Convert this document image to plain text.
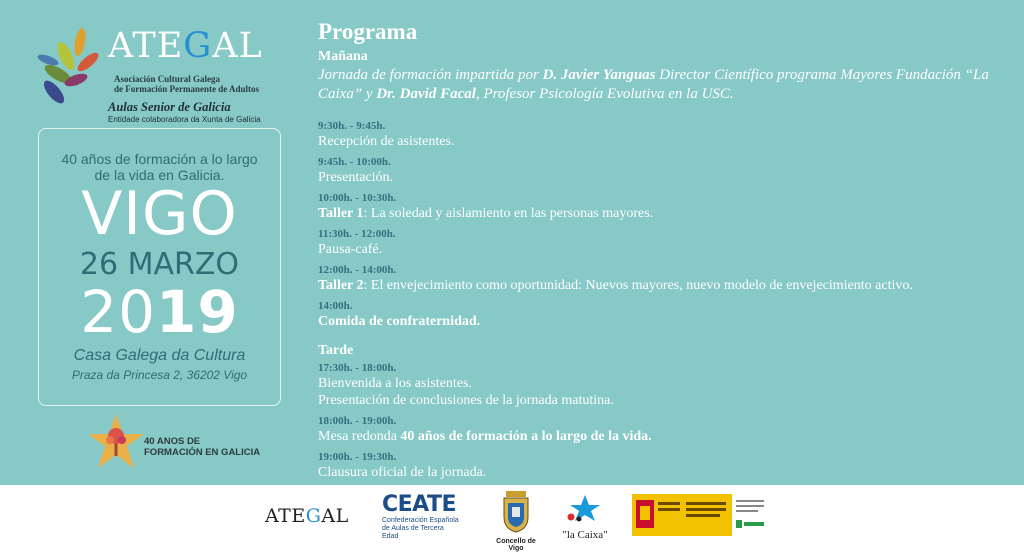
ATEGAL
Asociación Cultural Galega
de Formación Permanente de Adultos
Aulas Senior de Galicia
Entidade colaboradora da Xunta de Galicia
40 años de formación a lo largo de la vida en Galicia.
VIGO
26 MARZO
2019
Casa Galega da Cultura
Praza da Princesa 2, 36202 Vigo
40 ANOS DE
FORMACIÓN EN GALICIA
Programa
Mañana
Jornada de formación impartida por D. Javier Yanguas Director Científico programa Mayores Fundación “La Caixa” y Dr. David Facal, Profesor Psicología Evolutiva en la USC.
9:30h. - 9:45h.
Recepción de asistentes.
9:45h. - 10:00h.
Presentación.
10:00h. - 10:30h.
Taller 1: La soledad y aislamiento en las personas mayores.
11:30h. - 12:00h.
Pausa-café.
12:00h. - 14:00h.
Taller 2: El envejecimiento como oportunidad: Nuevos mayores, nuevo modelo de envejecimiento activo.
14:00h.
Comida de confraternidad.
Tarde
17:30h. - 18:00h.
Bienvenida a los asistentes.
Presentación de conclusiones de la jornada matutina.
18:00h. - 19:00h.
Mesa redonda 40 años de formación a lo largo de la vida.
19:00h. - 19:30h.
Clausura oficial de la jornada.
ATEGAL CEATE
Confederación Española
de Aulas de Tercera Edad
Concello de Vigo
"la Caixa"
